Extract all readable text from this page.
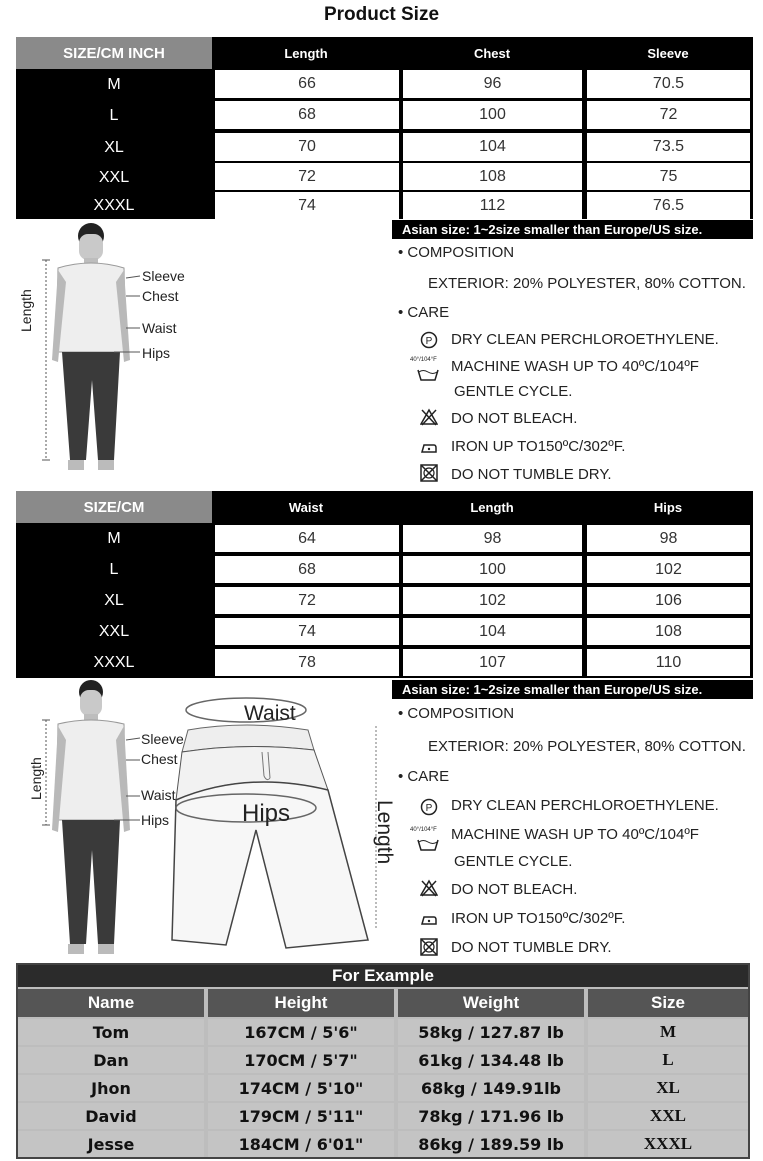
Product Size
SIZE/CM INCH	Length	Chest	Sleeve
M	66	96	70.5
L	68	100	72
XL	70	104	73.5
XXL	72	108	75
XXXL	74	112	76.5
Asian size: 1~2size smaller than Europe/US size.
Length
Sleeve
Chest
Waist
Hips
• COMPOSITION
EXTERIOR: 20% POLYESTER, 80% COTTON.
• CARE
P DRY CLEAN PERCHLOROETHYLENE.
40°/104°F MACHINE WASH UP TO 40ºC/104ºF
GENTLE CYCLE.
DO NOT BLEACH.
IRON UP TO150ºC/302ºF.
DO NOT TUMBLE DRY.
SIZE/CM	Waist	Length	Hips
M	64	98	98
L	68	100	102
XL	72	102	106
XXL	74	104	108
XXXL	78	107	110
Asian size: 1~2size smaller than Europe/US size.
Length
Sleeve
Chest
Waist
Hips
Waist
Hips	Length
• COMPOSITION
EXTERIOR: 20% POLYESTER, 80% COTTON.
• CARE
P DRY CLEAN PERCHLOROETHYLENE.
40°/104°F MACHINE WASH UP TO 40ºC/104ºF
GENTLE CYCLE.
DO NOT BLEACH.
IRON UP TO150ºC/302ºF.
DO NOT TUMBLE DRY.
For Example
Name	Height	Weight	Size
Tom	167CM / 5'6"	58kg / 127.87 lb	M
Dan	170CM / 5'7"	61kg / 134.48 lb	L
Jhon	174CM / 5'10"	68kg / 149.91lb	XL
David	179CM / 5'11"	78kg / 171.96 lb	XXL
Jesse	184CM / 6'01"	86kg / 189.59 lb	XXXL
